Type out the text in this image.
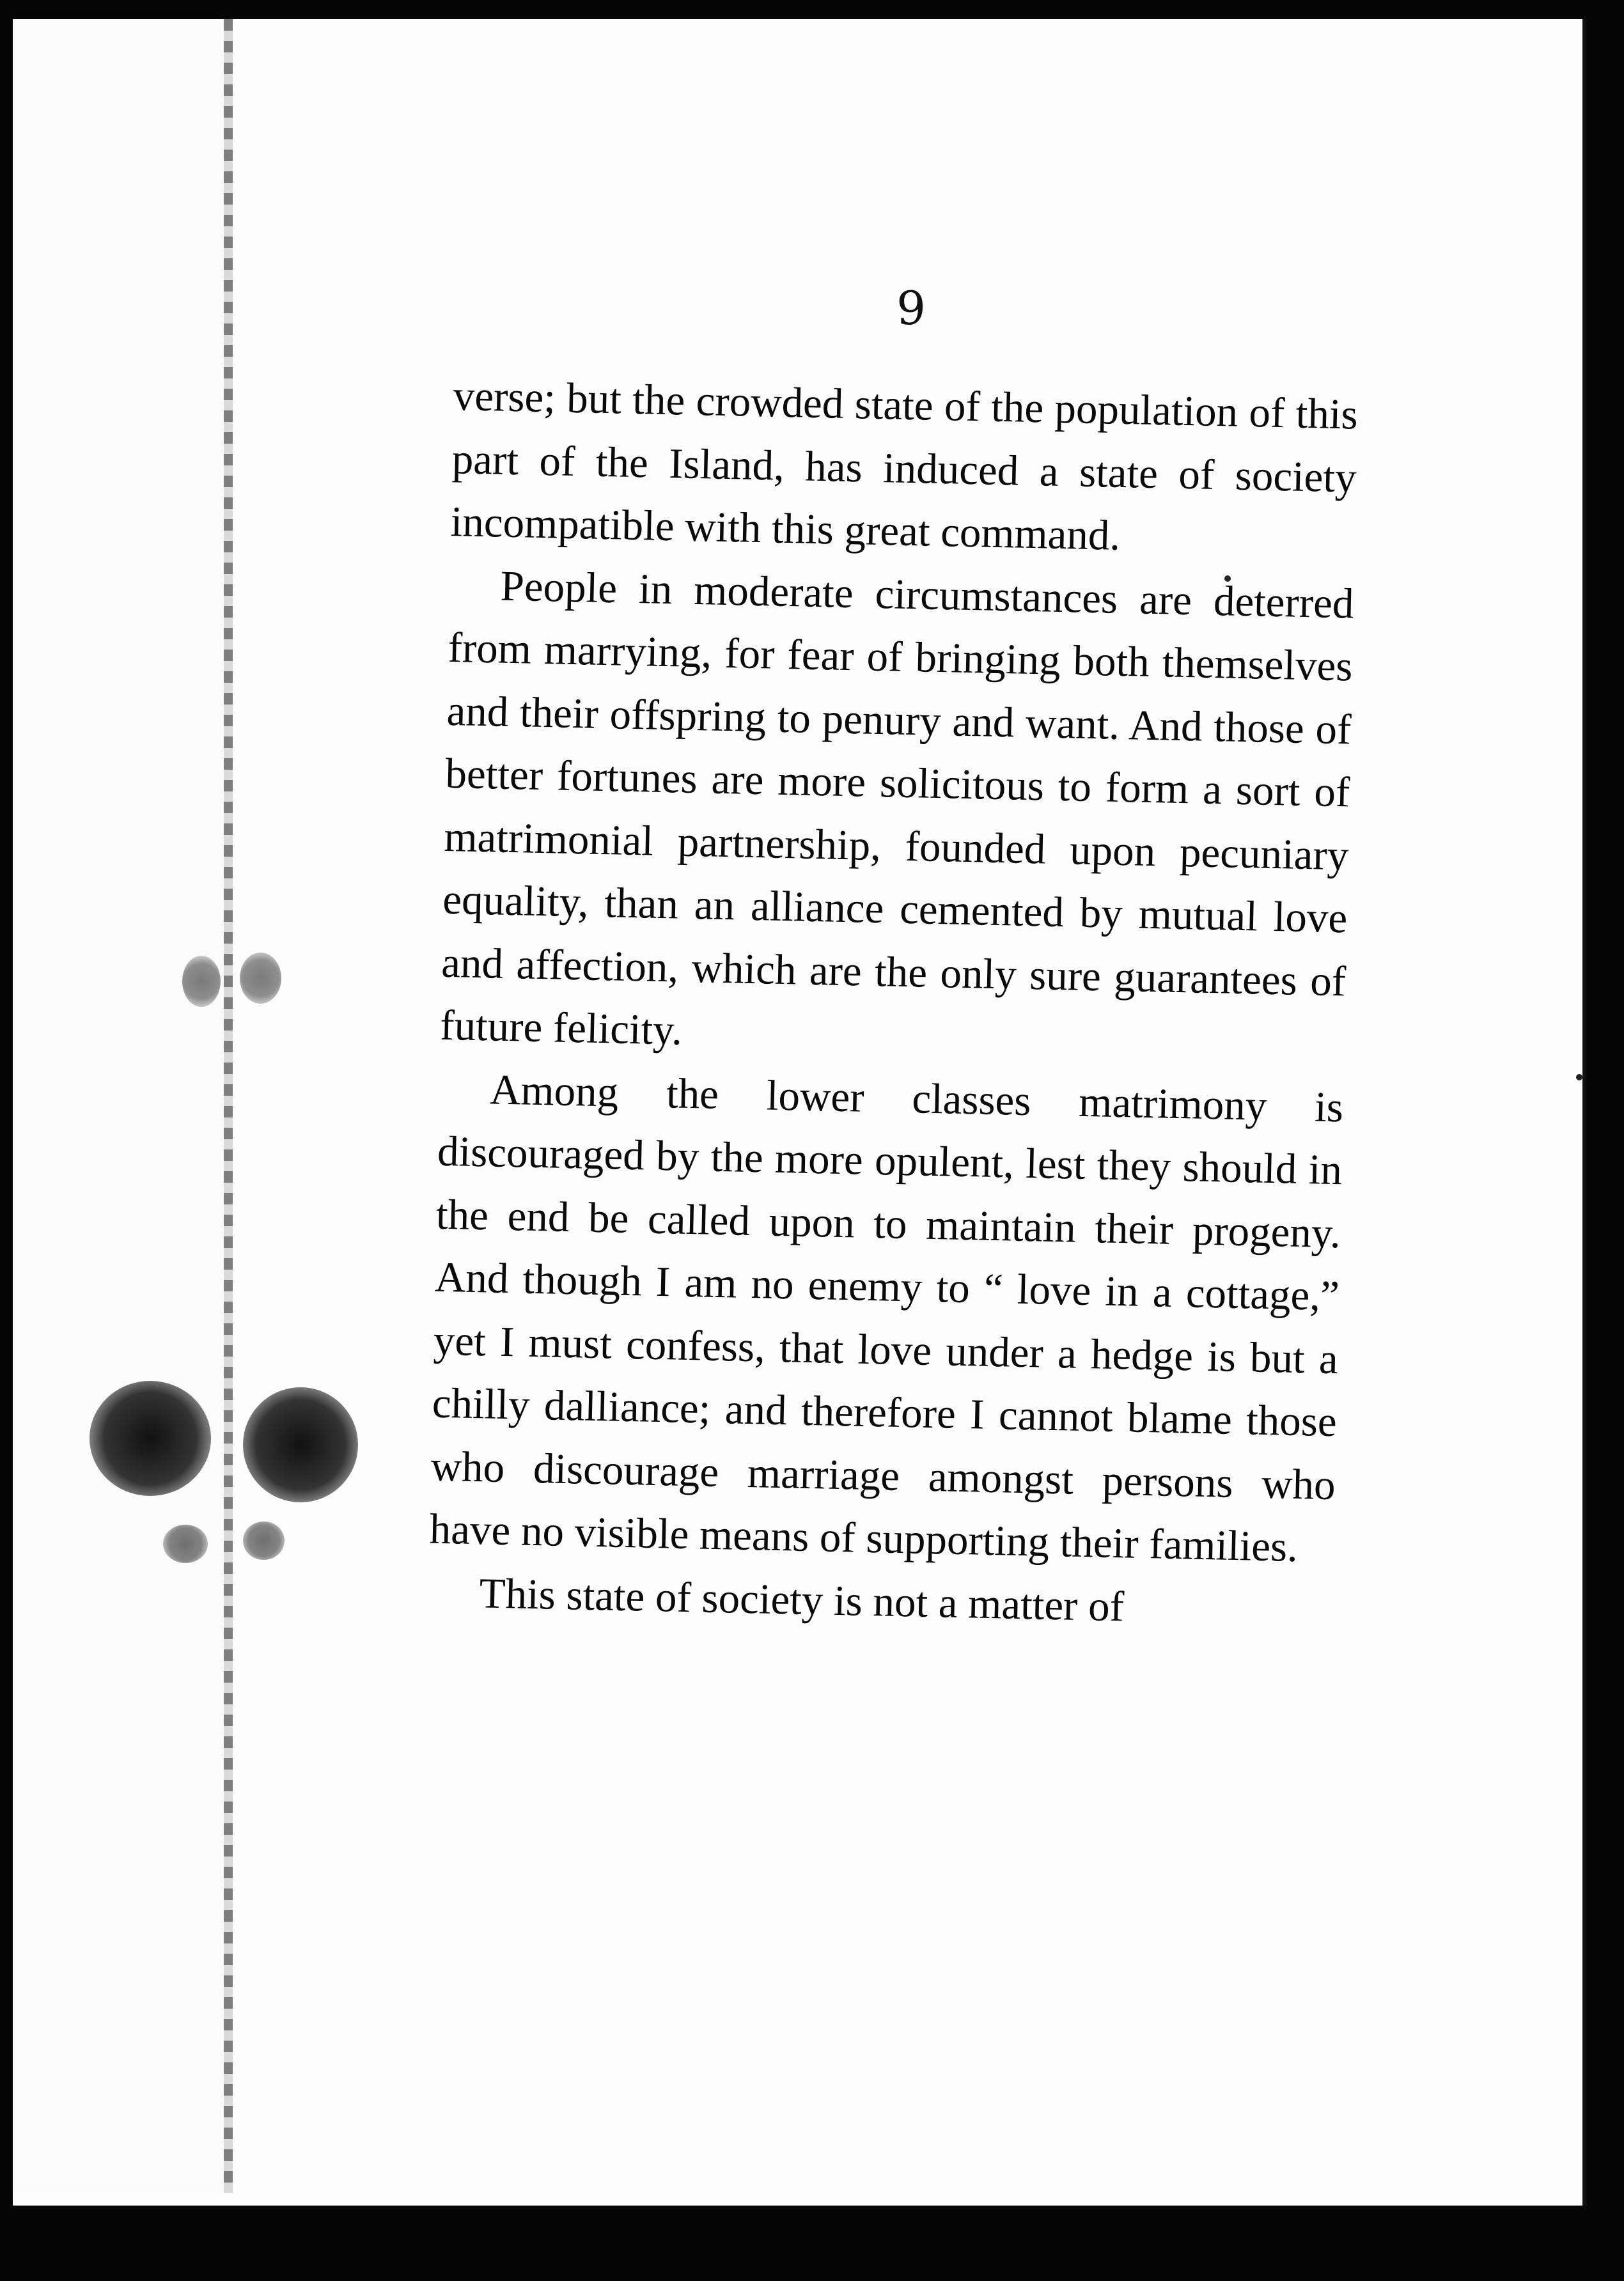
9

verse; but the crowded state of the population of this part of the Island, has induced a state of society incompatible with this great command.

People in moderate circumstances are deterred from marrying, for fear of bringing both themselves and their offspring to penury and want. And those of better fortunes are more solicitous to form a sort of matrimonial partnership, founded upon pecuniary equality, than an alliance cemented by mutual love and affection, which are the only sure guarantees of future felicity.

Among the lower classes matrimony is discouraged by the more opulent, lest they should in the end be called upon to maintain their progeny. And though I am no enemy to “ love in a cottage,” yet I must confess, that love under a hedge is but a chilly dalliance; and therefore I cannot blame those who discourage marriage amongst persons who have no visible means of supporting their families.

This state of society is not a matter of
